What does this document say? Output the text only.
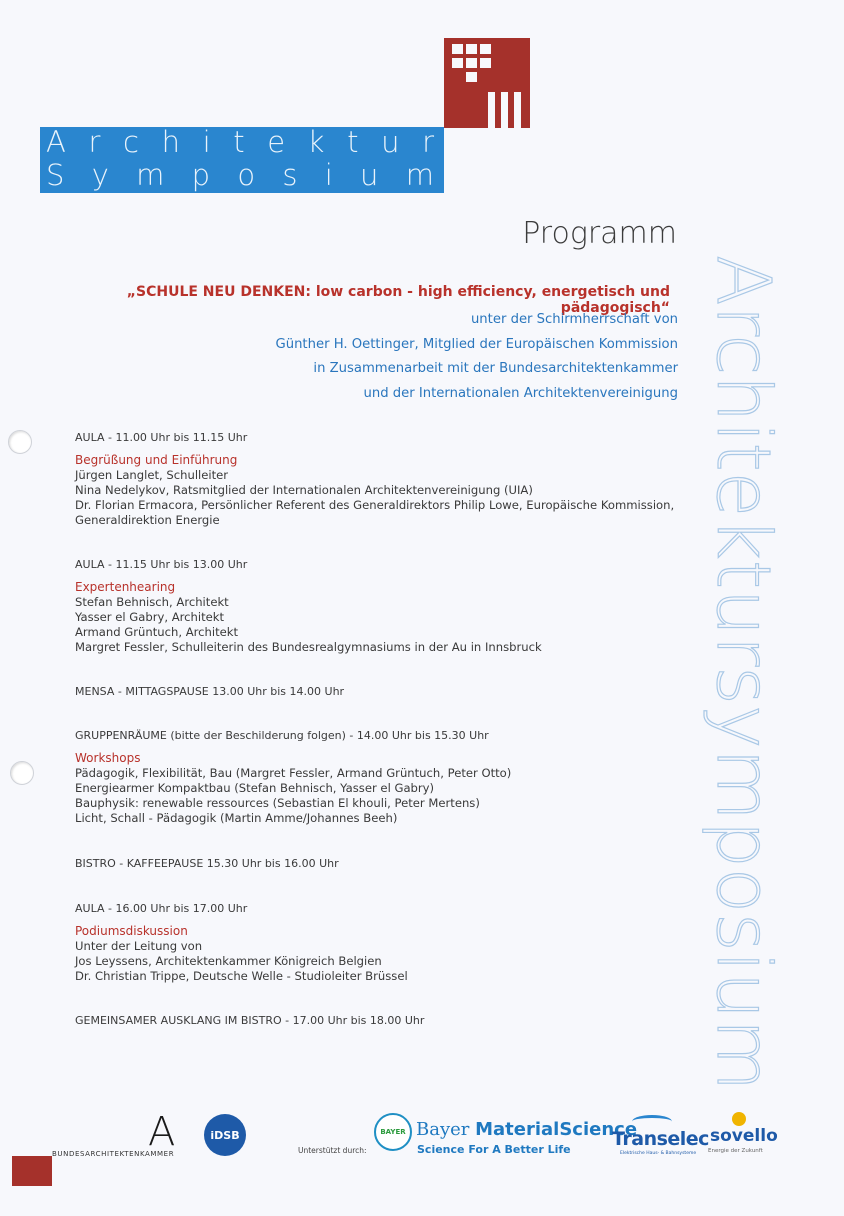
A r c h i t e k t u r
S y m p o s i u m
Programm
„SCHULE NEU DENKEN: low carbon - high efficiency, energetisch und pädagogisch“
unter der Schirmherrschaft von
Günther H. Oettinger, Mitglied der Europäischen Kommission
in Zusammenarbeit mit der Bundesarchitektenkammer
und der Internationalen Architektenvereinigung Architektursymposium
AULA - 11.00 Uhr bis 11.15 Uhr
Begrüßung und Einführung
Jürgen Langlet, Schulleiter
Nina Nedelykov, Ratsmitglied der Internationalen Architektenvereinigung (UIA)
Dr. Florian Ermacora, Persönlicher Referent des Generaldirektors Philip Lowe, Europäische Kommission,
Generaldirektion Energie
AULA - 11.15 Uhr bis 13.00 Uhr
Expertenhearing
Stefan Behnisch, Architekt
Yasser el Gabry, Architekt
Armand Grüntuch, Architekt
Margret Fessler, Schulleiterin des Bundesrealgymnasiums in der Au in Innsbruck
MENSA - MITTAGSPAUSE 13.00 Uhr bis 14.00 Uhr
GRUPPENRÄUME (bitte der Beschilderung folgen) - 14.00 Uhr bis 15.30 Uhr
Workshops
Pädagogik, Flexibilität, Bau (Margret Fessler, Armand Grüntuch, Peter Otto)
Energiearmer Kompaktbau (Stefan Behnisch, Yasser el Gabry)
Bauphysik: renewable ressources (Sebastian El khouli, Peter Mertens)
Licht, Schall - Pädagogik (Martin Amme/Johannes Beeh)
BISTRO - KAFFEEPAUSE 15.30 Uhr bis 16.00 Uhr
AULA - 16.00 Uhr bis 17.00 Uhr
Podiumsdiskussion
Unter der Leitung von
Jos Leyssens, Architektenkammer Königreich Belgien
Dr. Christian Trippe, Deutsche Welle - Studioleiter Brüssel
GEMEINSAMER AUSKLANG IM BISTRO - 17.00 Uhr bis 18.00 Uhr
A
BUNDESARCHITEKTENKAMMER
iDSB
Unterstützt durch:
BAYER Bayer MaterialScience
Science For A Better Life Transelec
Elektrische Haus- & Bahnsysteme
sovello
Energie der Zukunft
